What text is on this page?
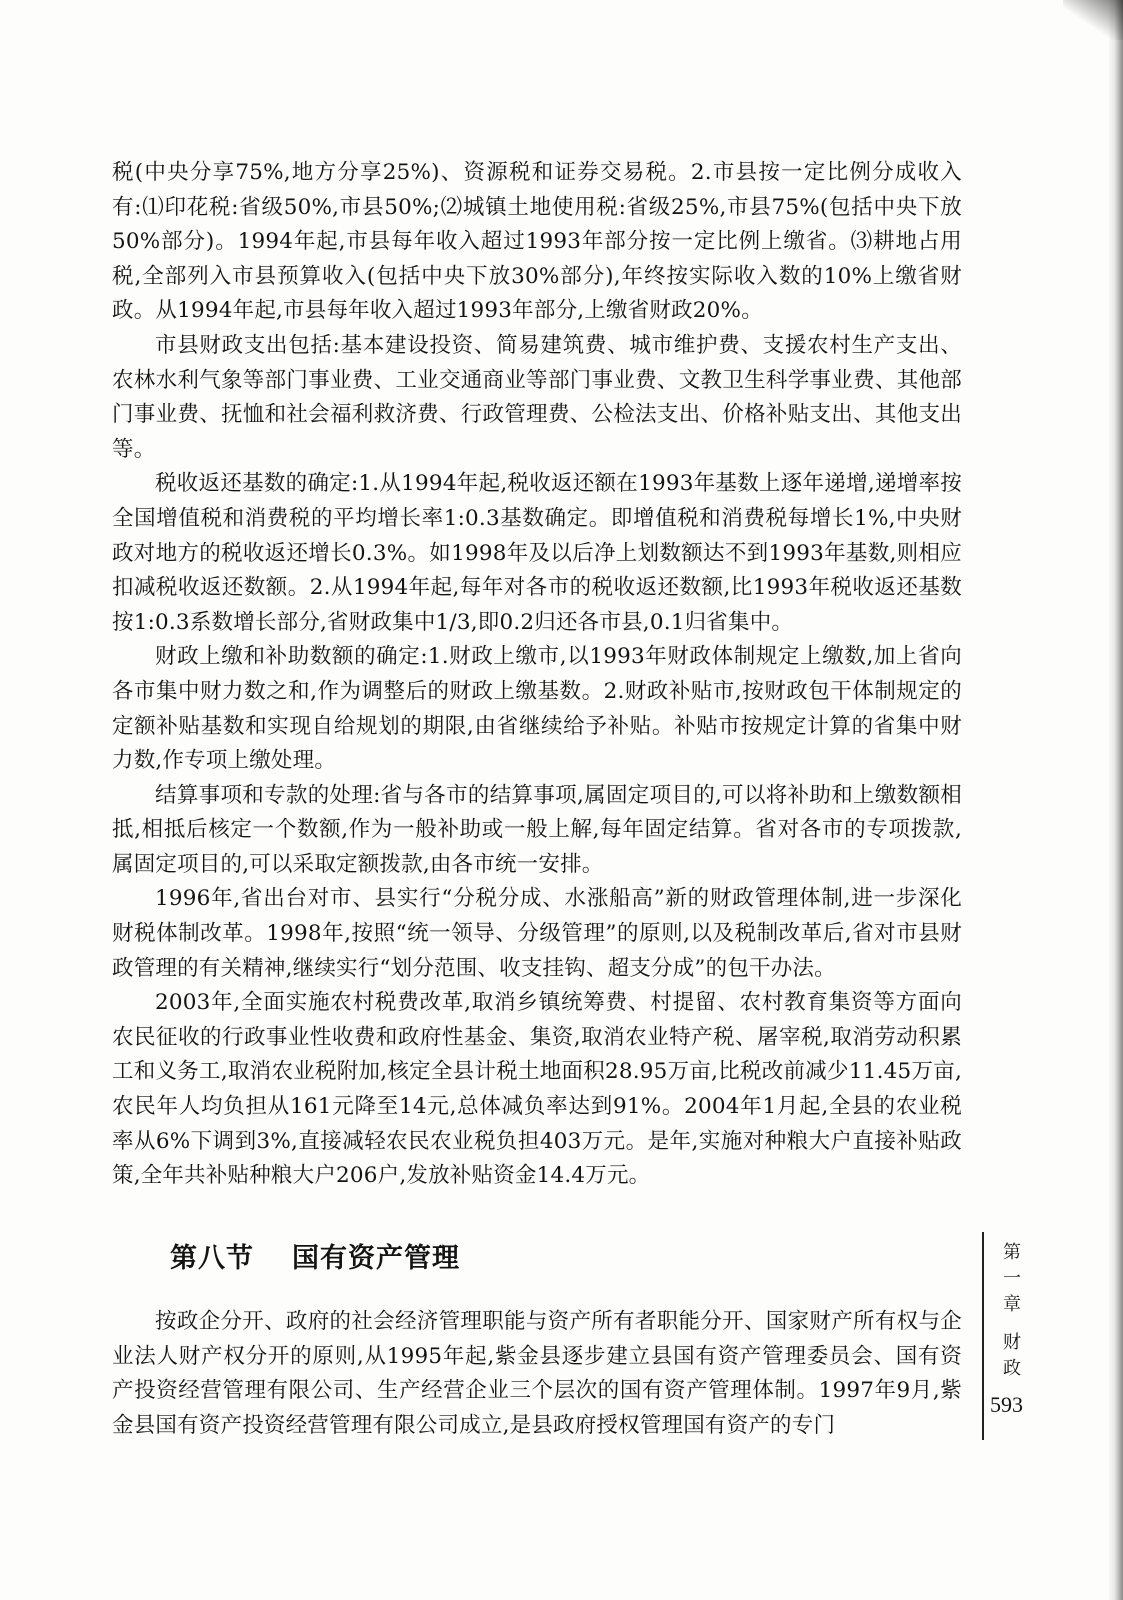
税(中央分享75%,地方分享25%)、资源税和证券交易税。2.市县按一定比例分成收入有:⑴印花税:省级50%,市县50%;⑵城镇土地使用税:省级25%,市县75%(包括中央下放50%部分)。1994年起,市县每年收入超过1993年部分按一定比例上缴省。⑶耕地占用税,全部列入市县预算收入(包括中央下放30%部分),年终按实际收入数的10%上缴省财政。从1994年起,市县每年收入超过1993年部分,上缴省财政20%。

市县财政支出包括:基本建设投资、简易建筑费、城市维护费、支援农村生产支出、农林水利气象等部门事业费、工业交通商业等部门事业费、文教卫生科学事业费、其他部门事业费、抚恤和社会福利救济费、行政管理费、公检法支出、价格补贴支出、其他支出等。

税收返还基数的确定:1.从1994年起,税收返还额在1993年基数上逐年递增,递增率按全国增值税和消费税的平均增长率1:0.3基数确定。即增值税和消费税每增长1%,中央财政对地方的税收返还增长0.3%。如1998年及以后净上划数额达不到1993年基数,则相应扣减税收返还数额。2.从1994年起,每年对各市的税收返还数额,比1993年税收返还基数按1:0.3系数增长部分,省财政集中1/3,即0.2归还各市县,0.1归省集中。

财政上缴和补助数额的确定:1.财政上缴市,以1993年财政体制规定上缴数,加上省向各市集中财力数之和,作为调整后的财政上缴基数。2.财政补贴市,按财政包干体制规定的定额补贴基数和实现自给规划的期限,由省继续给予补贴。补贴市按规定计算的省集中财力数,作专项上缴处理。

结算事项和专款的处理:省与各市的结算事项,属固定项目的,可以将补助和上缴数额相抵,相抵后核定一个数额,作为一般补助或一般上解,每年固定结算。省对各市的专项拨款,属固定项目的,可以采取定额拨款,由各市统一安排。

1996年,省出台对市、县实行“分税分成、水涨船高”新的财政管理体制,进一步深化财税体制改革。1998年,按照“统一领导、分级管理”的原则,以及税制改革后,省对市县财政管理的有关精神,继续实行“划分范围、收支挂钩、超支分成”的包干办法。

2003年,全面实施农村税费改革,取消乡镇统筹费、村提留、农村教育集资等方面向农民征收的行政事业性收费和政府性基金、集资,取消农业特产税、屠宰税,取消劳动积累工和义务工,取消农业税附加,核定全县计税土地面积28.95万亩,比税改前减少11.45万亩,农民年人均负担从161元降至14元,总体减负率达到91%。2004年1月起,全县的农业税率从6%下调到3%,直接减轻农民农业税负担403万元。是年,实施对种粮大户直接补贴政策,全年共补贴种粮大户206户,发放补贴资金14.4万元。

第八节 国有资产管理

按政企分开、政府的社会经济管理职能与资产所有者职能分开、国家财产所有权与企业法人财产权分开的原则,从1995年起,紫金县逐步建立县国有资产管理委员会、国有资产投资经营管理有限公司、生产经营企业三个层次的国有资产管理体制。1997年9月,紫金县国有资产投资经营管理有限公司成立,是县政府授权管理国有资产的专门

第
一
章
财
政
593
